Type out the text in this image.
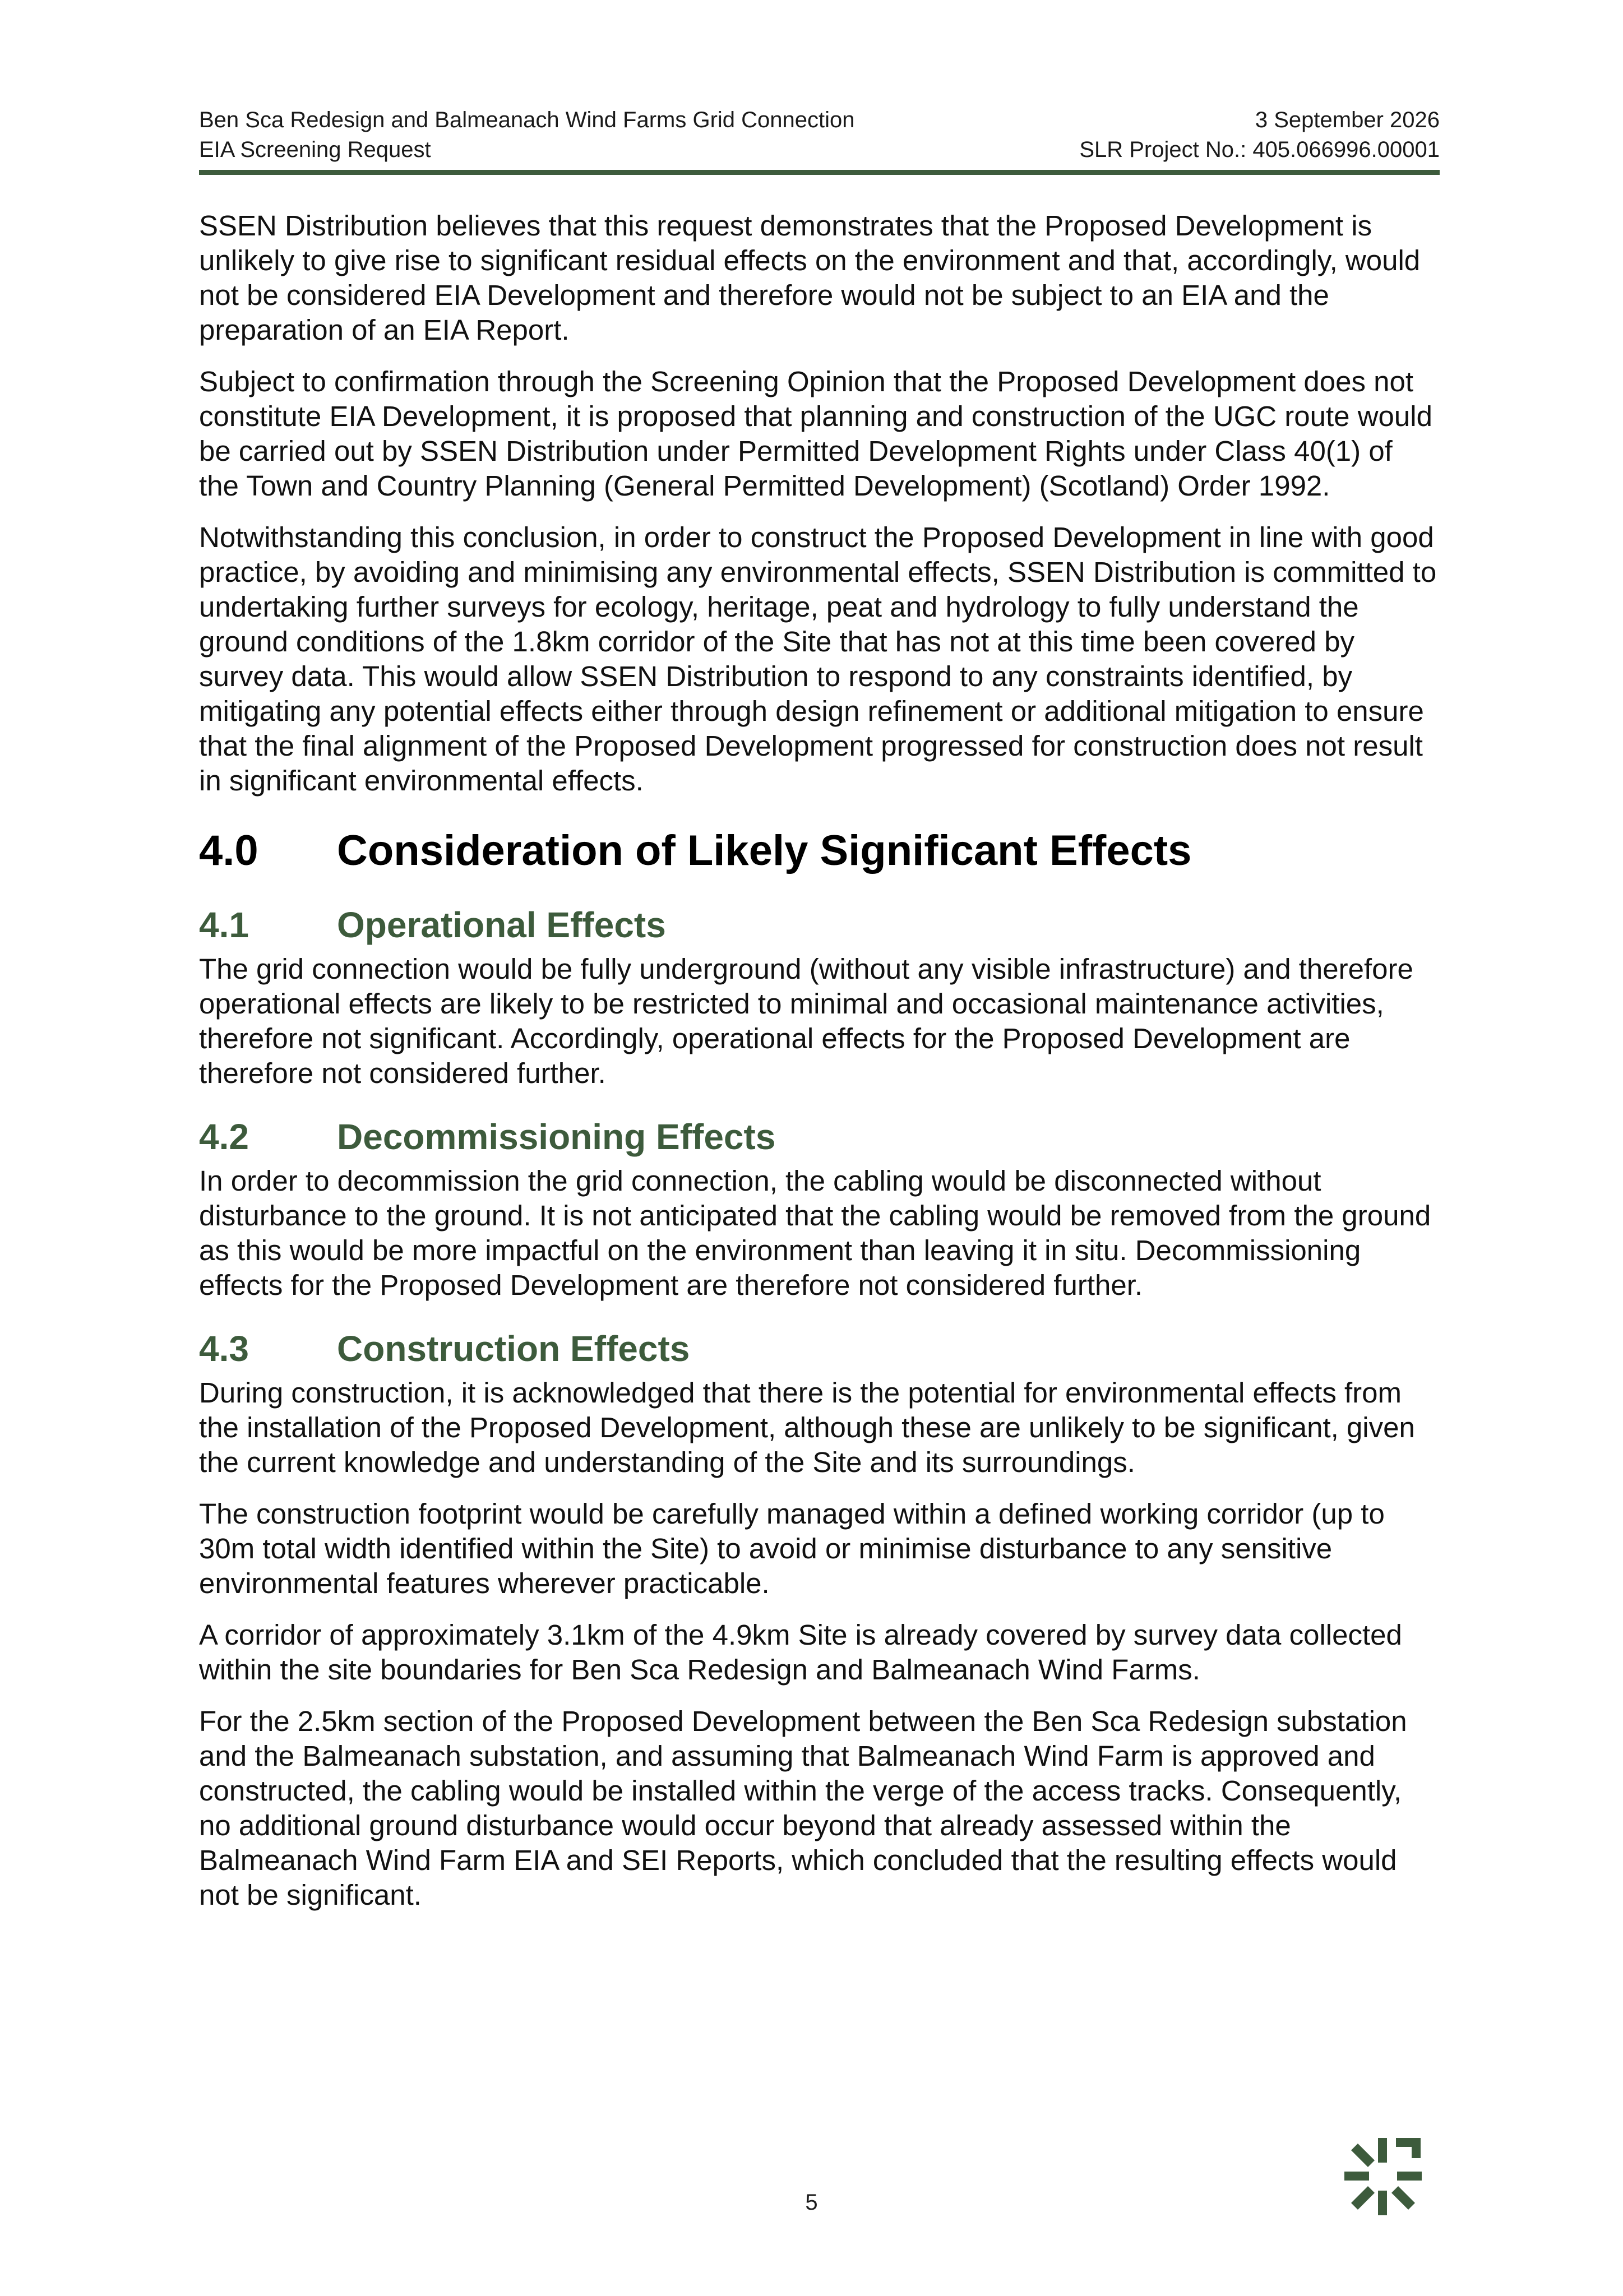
Ben Sca Redesign and Balmeanach Wind Farms Grid Connection	3 September 2026
EIA Screening Request	SLR Project No.: 405.066996.00001

SSEN Distribution believes that this request demonstrates that the Proposed Development is unlikely to give rise to significant residual effects on the environment and that, accordingly, would not be considered EIA Development and therefore would not be subject to an EIA and the preparation of an EIA Report.

Subject to confirmation through the Screening Opinion that the Proposed Development does not constitute EIA Development, it is proposed that planning and construction of the UGC route would be carried out by SSEN Distribution under Permitted Development Rights under Class 40(1) of the Town and Country Planning (General Permitted Development) (Scotland) Order 1992.

Notwithstanding this conclusion, in order to construct the Proposed Development in line with good practice, by avoiding and minimising any environmental effects, SSEN Distribution is committed to undertaking further surveys for ecology, heritage, peat and hydrology to fully understand the ground conditions of the 1.8km corridor of the Site that has not at this time been covered by survey data. This would allow SSEN Distribution to respond to any constraints identified, by mitigating any potential effects either through design refinement or additional mitigation to ensure that the final alignment of the Proposed Development progressed for construction does not result in significant environmental effects.

4.0	Consideration of Likely Significant Effects
4.1	Operational Effects

The grid connection would be fully underground (without any visible infrastructure) and therefore operational effects are likely to be restricted to minimal and occasional maintenance activities, therefore not significant. Accordingly, operational effects for the Proposed Development are therefore not considered further.

4.2	Decommissioning Effects

In order to decommission the grid connection, the cabling would be disconnected without disturbance to the ground. It is not anticipated that the cabling would be removed from the ground as this would be more impactful on the environment than leaving it in situ. Decommissioning effects for the Proposed Development are therefore not considered further.

4.3	Construction Effects

During construction, it is acknowledged that there is the potential for environmental effects from the installation of the Proposed Development, although these are unlikely to be significant, given the current knowledge and understanding of the Site and its surroundings.

The construction footprint would be carefully managed within a defined working corridor (up to 30m total width identified within the Site) to avoid or minimise disturbance to any sensitive environmental features wherever practicable.

A corridor of approximately 3.1km of the 4.9km Site is already covered by survey data collected within the site boundaries for Ben Sca Redesign and Balmeanach Wind Farms.

For the 2.5km section of the Proposed Development between the Ben Sca Redesign substation and the Balmeanach substation, and assuming that Balmeanach Wind Farm is approved and constructed, the cabling would be installed within the verge of the access tracks. Consequently, no additional ground disturbance would occur beyond that already assessed within the Balmeanach Wind Farm EIA and SEI Reports, which concluded that the resulting effects would not be significant.

5
